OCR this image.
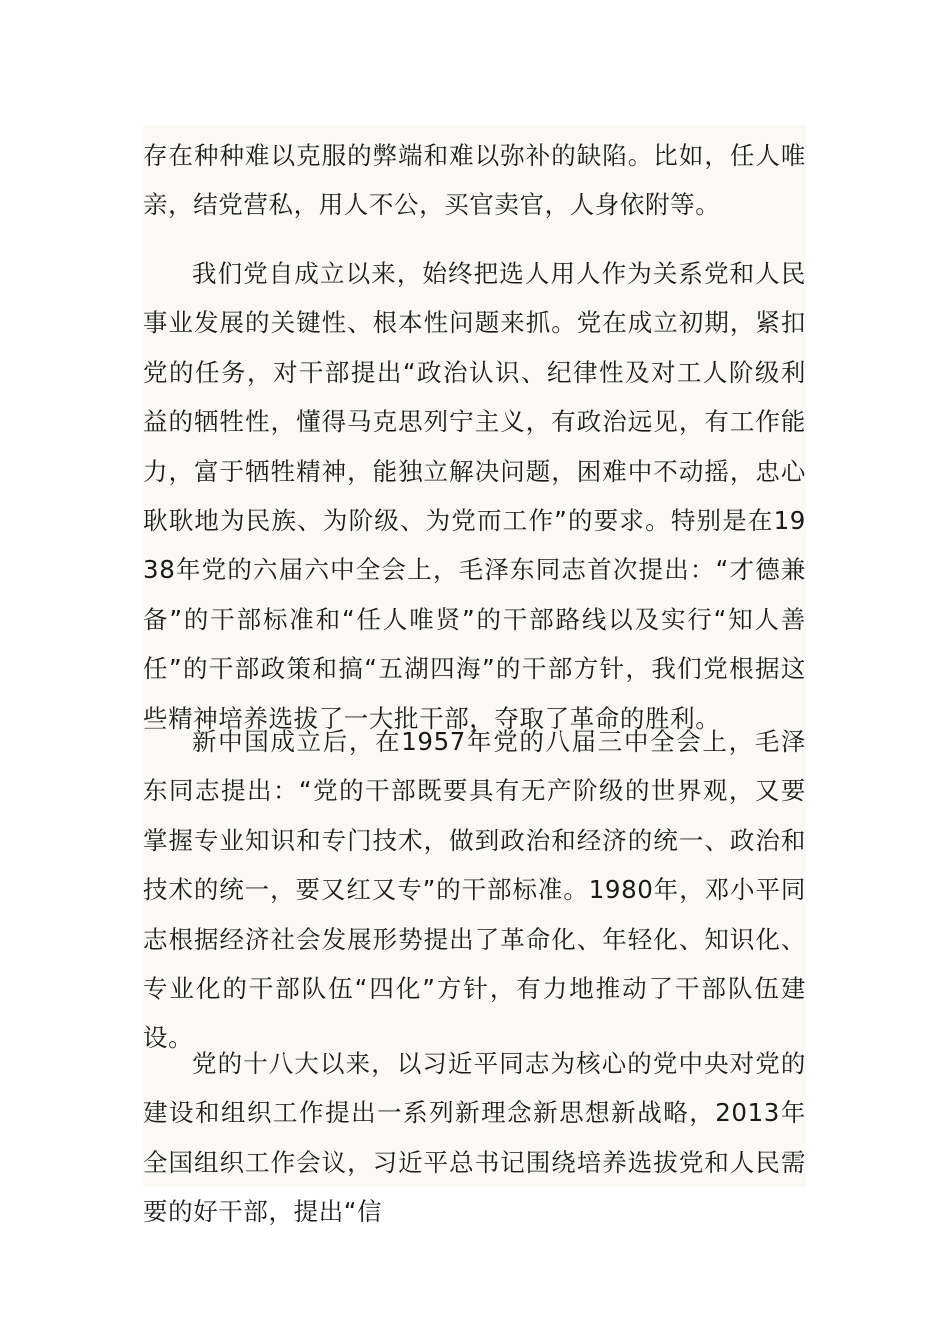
存在种种难以克服的弊端和难以弥补的缺陷。比如，任人唯亲，结党营私，用人不公，买官卖官，人身依附等。

我们党自成立以来，始终把选人用人作为关系党和人民事业发展的关键性、根本性问题来抓。党在成立初期，紧扣党的任务，对干部提出“政治认识、纪律性及对工人阶级利益的牺牲性，懂得马克思列宁主义，有政治远见，有工作能力，富于牺牲精神，能独立解决问题，困难中不动摇，忠心耿耿地为民族、为阶级、为党而工作”的要求。特别是在1938年党的六届六中全会上，毛泽东同志首次提出：“才德兼备”的干部标准和“任人唯贤”的干部路线以及实行“知人善任”的干部政策和搞“五湖四海”的干部方针，我们党根据这些精神培养选拔了一大批干部，夺取了革命的胜利。

新中国成立后，在1957年党的八届三中全会上，毛泽东同志提出：“党的干部既要具有无产阶级的世界观，又要掌握专业知识和专门技术，做到政治和经济的统一、政治和技术的统一，要又红又专”的干部标准。1980年，邓小平同志根据经济社会发展形势提出了革命化、年轻化、知识化、专业化的干部队伍“四化”方针，有力地推动了干部队伍建设。

党的十八大以来，以习近平同志为核心的党中央对党的建设和组织工作提出一系列新理念新思想新战略，2013年全国组织工作会议，习近平总书记围绕培养选拔党和人民需要的好干部，提出“信
